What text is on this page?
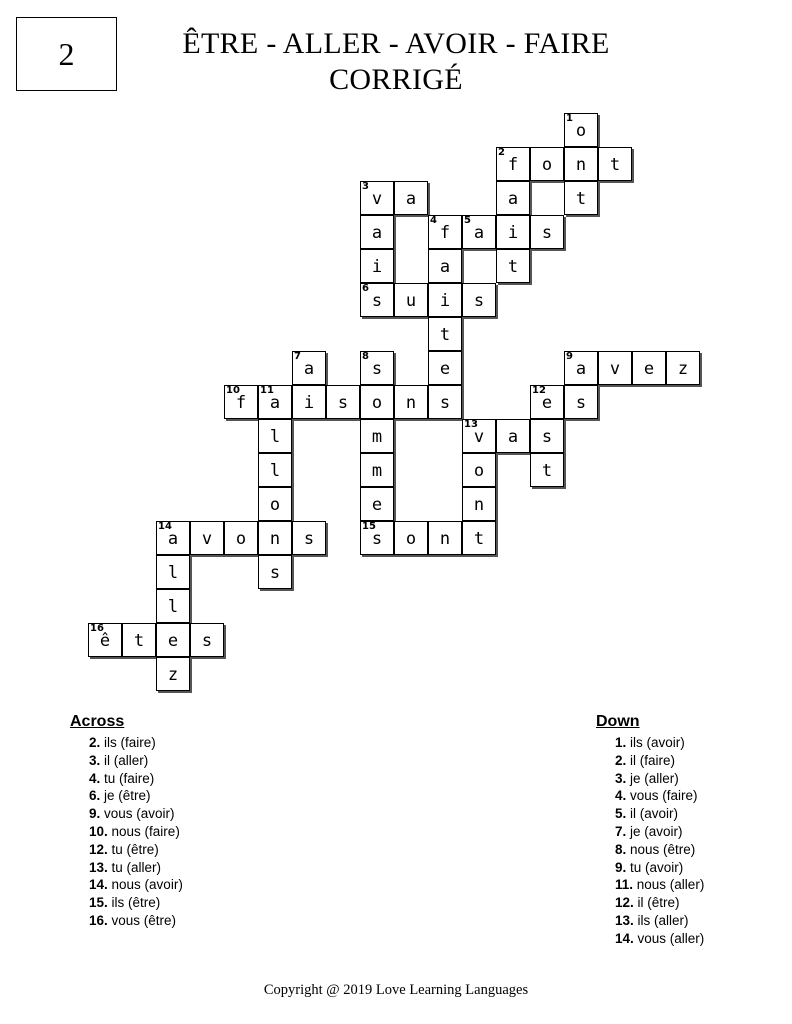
2	ÊTRE - ALLER - AVOIR - FAIRE
CORRIGÉ
1
o
2
f	o	n	t
3
v	a	a	t
a
4
f
5
a	i	s
i	a	t
6
s	u	i	s
t
7
a
8
s	e
9
a	v	e	z
10
f
11
a	i	s	o	n	s
12
e	s
l	m
13
v	a	s
l	m	o	t
o	e	n
14
a	v	o	n	s
15
s	o	n	t
l	s
l
16
ê	t	e	s
z
Across
2. ils (faire)
3. il (aller)
4. tu (faire)
6. je (être)
9. vous (avoir)
10. nous (faire)
12. tu (être)
13. tu (aller)
14. nous (avoir)
15. ils (être)
16. vous (être)
Down
1. ils (avoir)
2. il (faire)
3. je (aller)
4. vous (faire)
5. il (avoir)
7. je (avoir)
8. nous (être)
9. tu (avoir)
11. nous (aller)
12. il (être)
13. ils (aller)
14. vous (aller)
Copyright @ 2019 Love Learning Languages
